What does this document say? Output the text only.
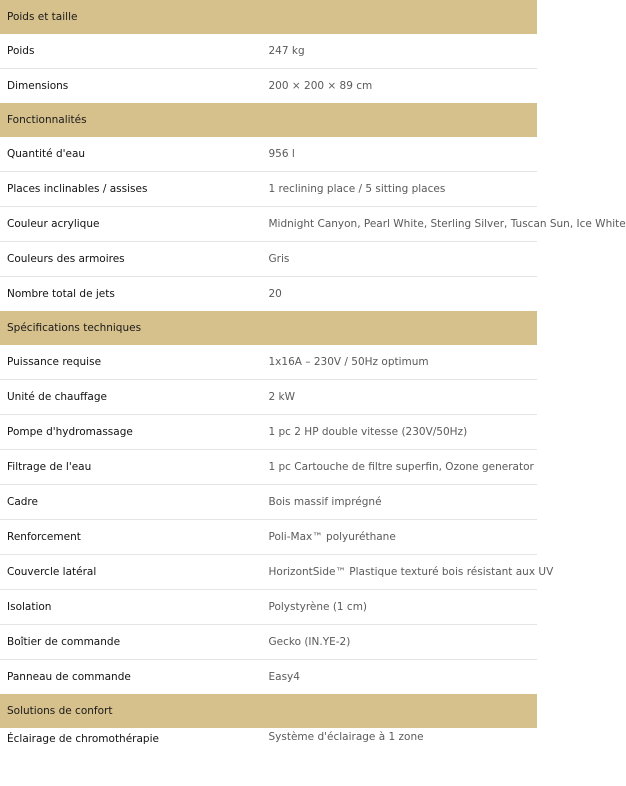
Poids et taille	
Poids	247 kg
Dimensions	200 × 200 × 89 cm
Fonctionnalités	
Quantité d'eau	956 l
Places inclinables / assises	1 reclining place / 5 sitting places
Couleur acrylique	Midnight Canyon, Pearl White, Sterling Silver, Tuscan Sun, Ice White
Couleurs des armoires	Gris
Nombre total de jets	20
Spécifications techniques	
Puissance requise	1x16A – 230V / 50Hz optimum
Unité de chauffage	2 kW
Pompe d'hydromassage	1 pc 2 HP double vitesse (230V/50Hz)
Filtrage de l'eau	1 pc Cartouche de filtre superfin, Ozone generator
Cadre	Bois massif imprégné
Renforcement	Poli-Max™ polyuréthane
Couvercle latéral	HorizontSide™ Plastique texturé bois résistant aux UV
Isolation	Polystyrène (1 cm)
Boîtier de commande	Gecko (IN.YE-2)
Panneau de commande	Easy4
Solutions de confort	
Éclairage de chromothérapie	Système d'éclairage à 1 zone
